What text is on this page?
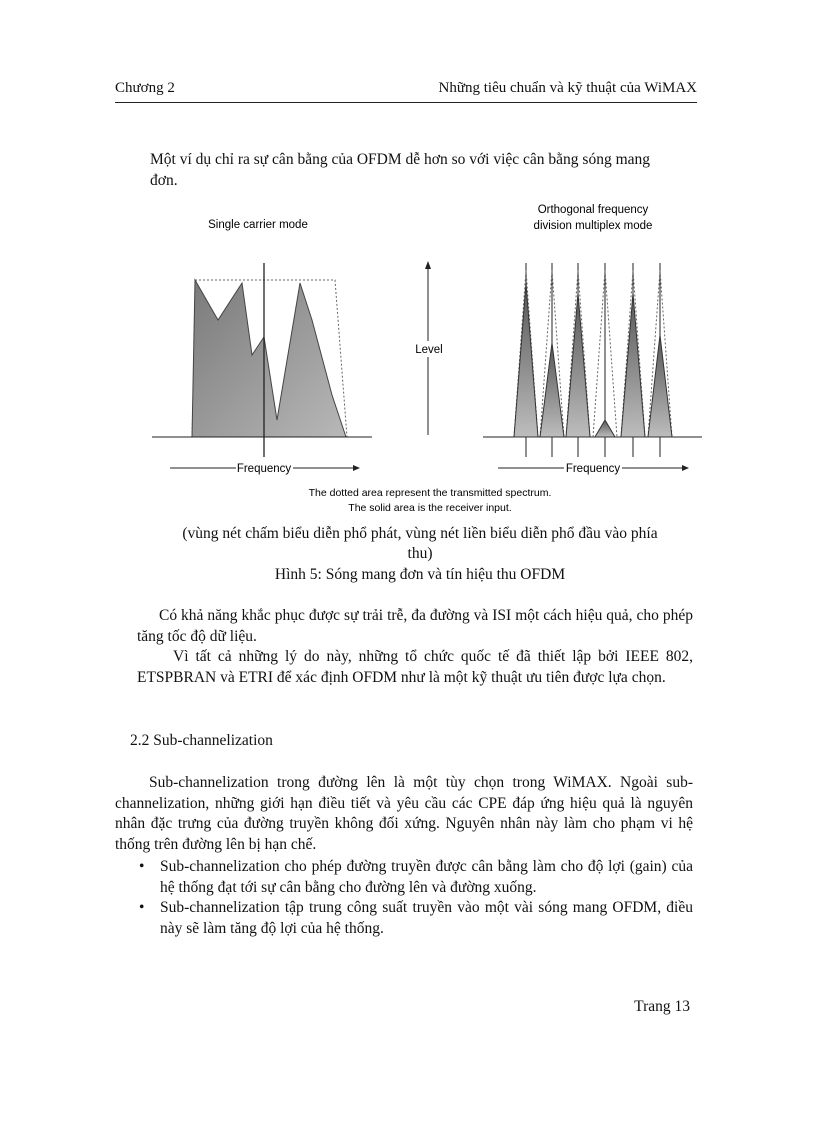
Chương 2	Những tiêu chuẩn và kỹ thuật của WiMAX
Một ví dụ chỉ ra sự cân bằng của OFDM dễ hơn so với việc cân bằng sóng mang đơn.
Single carrier mode
Orthogonal frequency
division multiplex mode
Level
Frequency	Frequency
The dotted area represent the transmitted spectrum.
The solid area is the receiver input.
(vùng nét chấm biểu diễn phổ phát, vùng nét liền biểu diễn phổ đầu vào phía
thu)
Hình 5: Sóng mang đơn và tín hiệu thu OFDM
Có khả năng khắc phục được sự trải trễ, đa đường và ISI một cách hiệu quả, cho phép tăng tốc độ dữ liệu.
Vì tất cả những lý do này, những tổ chức quốc tế đã thiết lập bởi IEEE 802, ETSPBRAN và ETRI để xác định OFDM như là một kỹ thuật ưu tiên được lựa chọn.
2.2 Sub-channelization
Sub-channelization trong đường lên là một tùy chọn trong WiMAX. Ngoài sub-channelization, những giới hạn điều tiết và yêu cầu các CPE đáp ứng hiệu quả là nguyên nhân đặc trưng của đường truyền không đối xứng. Nguyên nhân này làm cho phạm vi hệ thống trên đường lên bị hạn chế.
• Sub-channelization cho phép đường truyền được cân bằng làm cho độ lợi (gain) của hệ thống đạt tới sự cân bằng cho đường lên và đường xuống.
• Sub-channelization tập trung công suất truyền vào một vài sóng mang OFDM, điều này sẽ làm tăng độ lợi của hệ thống.
Trang 13
